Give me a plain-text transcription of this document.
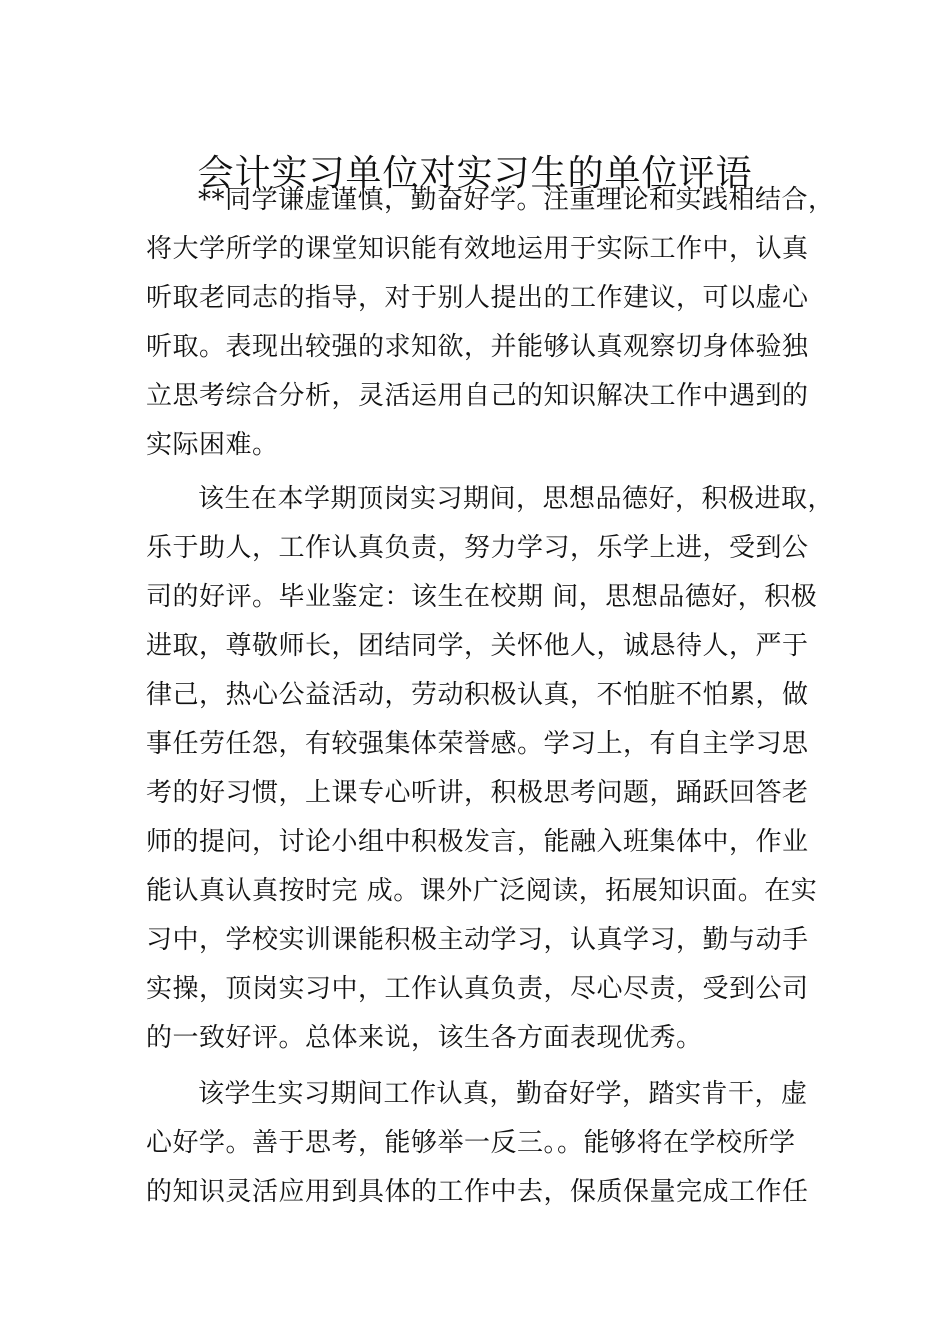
会计实习单位对实习生的单位评语
**同学谦虚谨慎，勤奋好学。注重理论和实践相结合，
将大学所学的课堂知识能有效地运用于实际工作中，认真
听取老同志的指导，对于别人提出的工作建议，可以虚心
听取。表现出较强的求知欲，并能够认真观察切身体验独
立思考综合分析，灵活运用自己的知识解决工作中遇到的
实际困难。
该生在本学期顶岗实习期间，思想品德好，积极进取，
乐于助人，工作认真负责，努力学习，乐学上进，受到公
司的好评。毕业鉴定：该生在校期 间，思想品德好，积极
进取，尊敬师长，团结同学，关怀他人，诚恳待人，严于
律己，热心公益活动，劳动积极认真，不怕脏不怕累，做
事任劳任怨，有较强集体荣誉感。学习上，有自主学习思
考的好习惯，上课专心听讲，积极思考问题，踊跃回答老
师的提问，讨论小组中积极发言，能融入班集体中，作业
能认真认真按时完 成。课外广泛阅读，拓展知识面。在实
习中，学校实训课能积极主动学习，认真学习，勤与动手
实操，顶岗实习中，工作认真负责，尽心尽责，受到公司
的一致好评。总体来说，该生各方面表现优秀。
该学生实习期间工作认真，勤奋好学，踏实肯干，虚
心好学。善于思考，能够举一反三。。能够将在学校所学
的知识灵活应用到具体的工作中去，保质保量完成工作任
